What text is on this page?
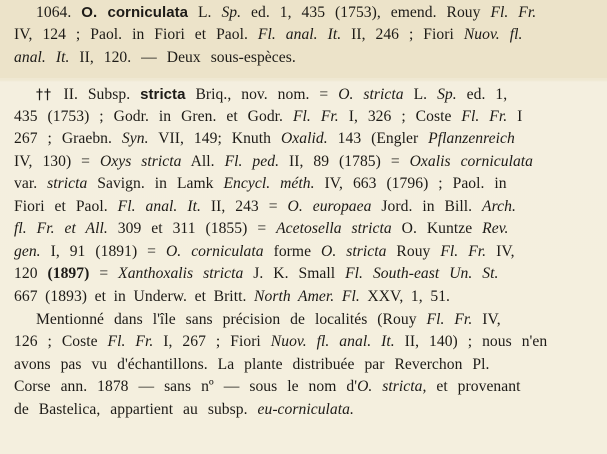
1064. O. corniculata L. Sp. ed. 1, 435 (1753), emend. Rouy Fl. Fr.
IV, 124 ; Paol. in Fiori et Paol. Fl. anal. It. II, 246 ; Fiori Nuov. fl.
anal. It. II, 120. — Deux sous-espèces.
†† II. Subsp. stricta Briq., nov. nom. = O. stricta L. Sp. ed. 1,
435 (1753) ; Godr. in Gren. et Godr. Fl. Fr. I, 326 ; Coste Fl. Fr. I
267 ; Graebn. Syn. VII, 149; Knuth Oxalid. 143 (Engler Pflanzenreich
IV, 130) = Oxys stricta All. Fl. ped. II, 89 (1785) = Oxalis corniculata
var. stricta Savign. in Lamk Encycl. méth. IV, 663 (1796) ; Paol. in
Fiori et Paol. Fl. anal. It. II, 243 = O. europaea Jord. in Bill. Arch.
fl. Fr. et All. 309 et 311 (1855) = Acetosella stricta O. Kuntze Rev.
gen. I, 91 (1891) = O. corniculata forme O. stricta Rouy Fl. Fr. IV,
120 (1897) = Xanthoxalis stricta J. K. Small Fl. South-east Un. St.
667 (1893) et in Underw. et Britt. North Amer. Fl. XXV, 1, 51.
Mentionné dans l'île sans précision de localités (Rouy Fl. Fr. IV,
126 ; Coste Fl. Fr. I, 267 ; Fiori Nuov. fl. anal. It. II, 140) ; nous n'en
avons pas vu d'échantillons. La plante distribuée par Reverchon Pl.
Corse ann. 1878 — sans nº — sous le nom d'O. stricta, et provenant
de Bastelica, appartient au subsp. eu-corniculata.
